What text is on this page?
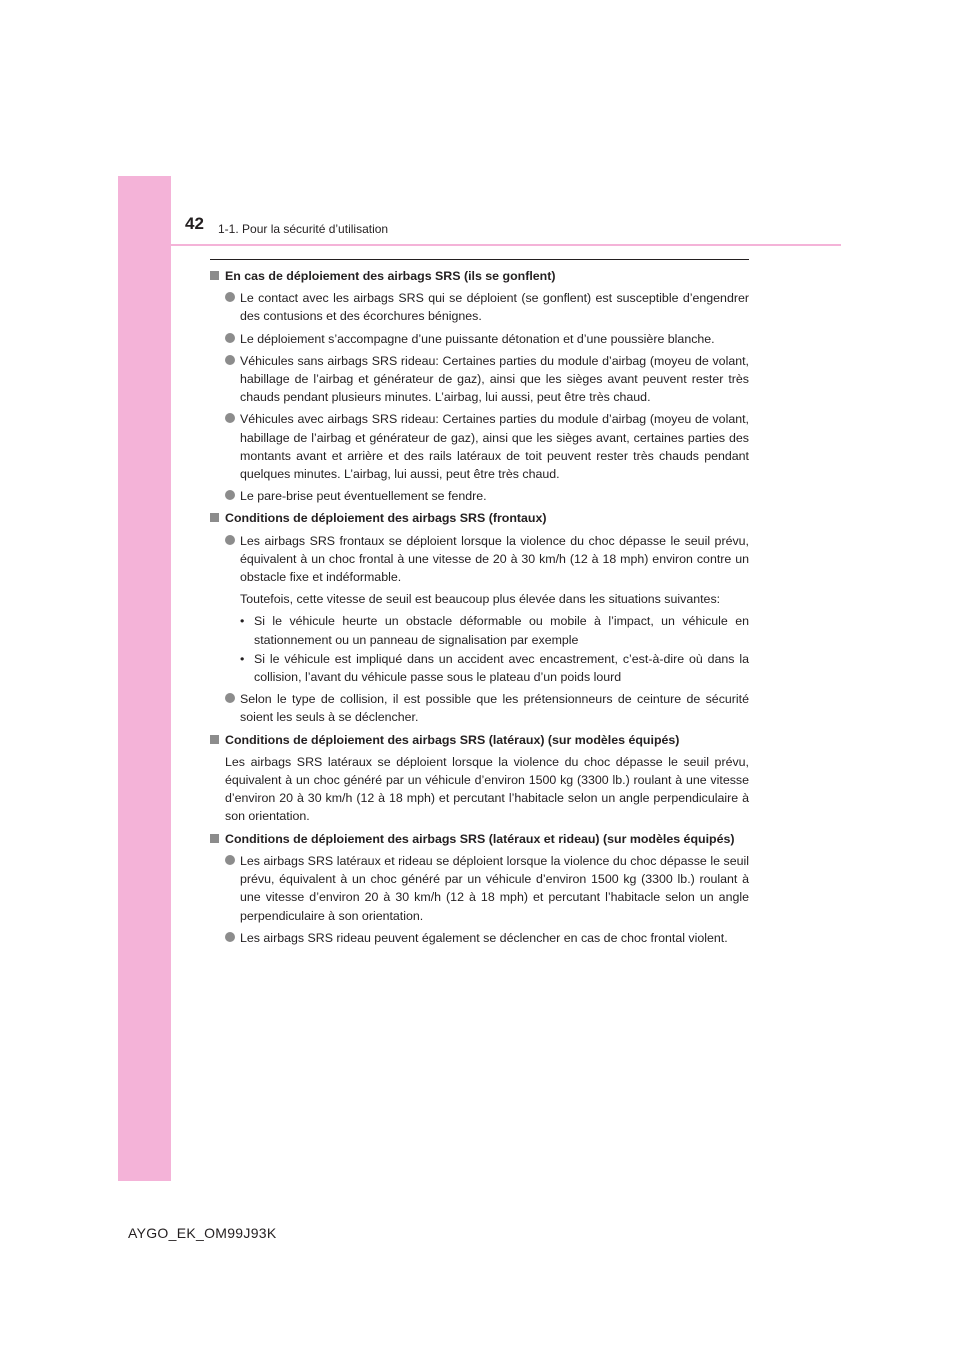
42 1-1. Pour la sécurité d’utilisation
En cas de déploiement des airbags SRS (ils se gonflent)
Le contact avec les airbags SRS qui se déploient (se gonflent) est susceptible d’engendrer des contusions et des écorchures bénignes.
Le déploiement s’accompagne d’une puissante détonation et d’une poussière blanche.
Véhicules sans airbags SRS rideau: Certaines parties du module d’airbag (moyeu de volant, habillage de l’airbag et générateur de gaz), ainsi que les sièges avant peuvent rester très chauds pendant plusieurs minutes. L’airbag, lui aussi, peut être très chaud.
Véhicules avec airbags SRS rideau: Certaines parties du module d’airbag (moyeu de volant, habillage de l’airbag et générateur de gaz), ainsi que les sièges avant, certaines parties des montants avant et arrière et des rails latéraux de toit peuvent rester très chauds pendant quelques minutes. L’airbag, lui aussi, peut être très chaud.
Le pare-brise peut éventuellement se fendre.
Conditions de déploiement des airbags SRS (frontaux)
Les airbags SRS frontaux se déploient lorsque la violence du choc dépasse le seuil prévu, équivalent à un choc frontal à une vitesse de 20 à 30 km/h (12 à 18 mph) environ contre un obstacle fixe et indéformable.
Toutefois, cette vitesse de seuil est beaucoup plus élevée dans les situations suivantes:
• Si le véhicule heurte un obstacle déformable ou mobile à l’impact, un véhicule en stationnement ou un panneau de signalisation par exemple
• Si le véhicule est impliqué dans un accident avec encastrement, c’est-à-dire où dans la collision, l’avant du véhicule passe sous le plateau d’un poids lourd
Selon le type de collision, il est possible que les prétensionneurs de ceinture de sécurité soient les seuls à se déclencher.
Conditions de déploiement des airbags SRS (latéraux) (sur modèles équipés)
Les airbags SRS latéraux se déploient lorsque la violence du choc dépasse le seuil prévu, équivalent à un choc généré par un véhicule d’environ 1500 kg (3300 lb.) roulant à une vitesse d’environ 20 à 30 km/h (12 à 18 mph) et percutant l’habitacle selon un angle perpendiculaire à son orientation.
Conditions de déploiement des airbags SRS (latéraux et rideau) (sur modèles équipés)
Les airbags SRS latéraux et rideau se déploient lorsque la violence du choc dépasse le seuil prévu, équivalent à un choc généré par un véhicule d’environ 1500 kg (3300 lb.) roulant à une vitesse d’environ 20 à 30 km/h (12 à 18 mph) et percutant l’habitacle selon un angle perpendiculaire à son orientation.
Les airbags SRS rideau peuvent également se déclencher en cas de choc frontal violent.
AYGO_EK_OM99J93K
